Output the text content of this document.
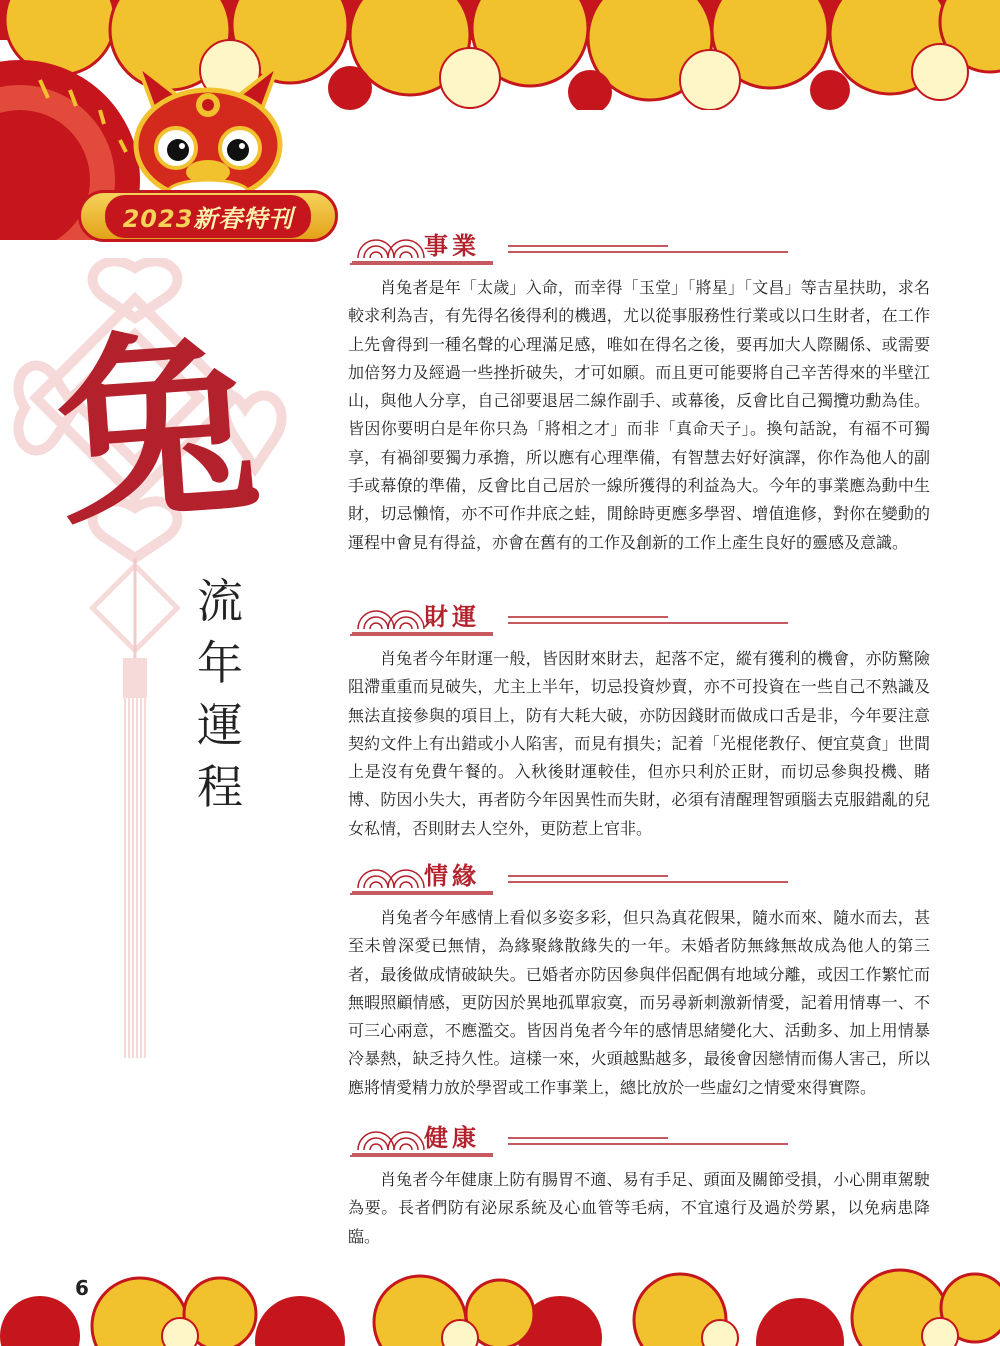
2023新春特刊
兔
流
年
運
程
事業

肖兔者是年「太歲」入命，而幸得「玉堂」「將星」「文昌」等吉星扶助，求名較求利為吉，有先得名後得利的機遇，尤以從事服務性行業或以口生財者，在工作上先會得到一種名聲的心理滿足感，唯如在得名之後，要再加大人際關係、或需要加倍努力及經過一些挫折破失，才可如願。而且更可能要將自己辛苦得來的半壁江山，與他人分享，自己卻要退居二線作副手、或幕後，反會比自己獨攬功勳為佳。皆因你要明白是年你只為「將相之才」而非「真命天子」。換句話說，有福不可獨享，有禍卻要獨力承擔，所以應有心理準備，有智慧去好好演譯，你作為他人的副手或幕僚的準備，反會比自己居於一線所獲得的利益為大。今年的事業應為動中生財，切忌懶惰，亦不可作井底之蛙，閒餘時更應多學習、增值進修，對你在變動的運程中會見有得益，亦會在舊有的工作及創新的工作上產生良好的靈感及意識。

財運

肖兔者今年財運一般，皆因財來財去，起落不定，縱有獲利的機會，亦防驚險阻滯重重而見破失，尤主上半年，切忌投資炒賣，亦不可投資在一些自己不熟識及無法直接參與的項目上，防有大耗大破，亦防因錢財而做成口舌是非，今年要注意契約文件上有出錯或小人陷害，而見有損失；記着「光棍佬教仔、便宜莫貪」世間上是沒有免費午餐的。入秋後財運較佳，但亦只利於正財，而切忌參與投機、賭博、防因小失大，再者防今年因異性而失財，必須有清醒理智頭腦去克服錯亂的兒女私情，否則財去人空外，更防惹上官非。

情緣

肖兔者今年感情上看似多姿多彩，但只為真花假果，隨水而來、隨水而去，甚至未曾深愛已無情，為緣聚緣散緣失的一年。未婚者防無緣無故成為他人的第三者，最後做成情破缺失。已婚者亦防因參與伴侶配偶有地域分離，或因工作繁忙而無暇照顧情感，更防因於異地孤單寂寞，而另尋新刺激新情愛，記着用情專一、不可三心兩意，不應濫交。皆因肖兔者今年的感情思緒變化大、活動多、加上用情暴冷暴熱，缺乏持久性。這樣一來，火頭越點越多，最後會因戀情而傷人害己，所以應將情愛精力放於學習或工作事業上，總比放於一些虛幻之情愛來得實際。

健康

肖兔者今年健康上防有腸胃不適、易有手足、頭面及關節受損，小心開車駕駛為要。長者們防有泌尿系統及心血管等毛病，不宜遠行及過於勞累，以免病患降臨。

6
